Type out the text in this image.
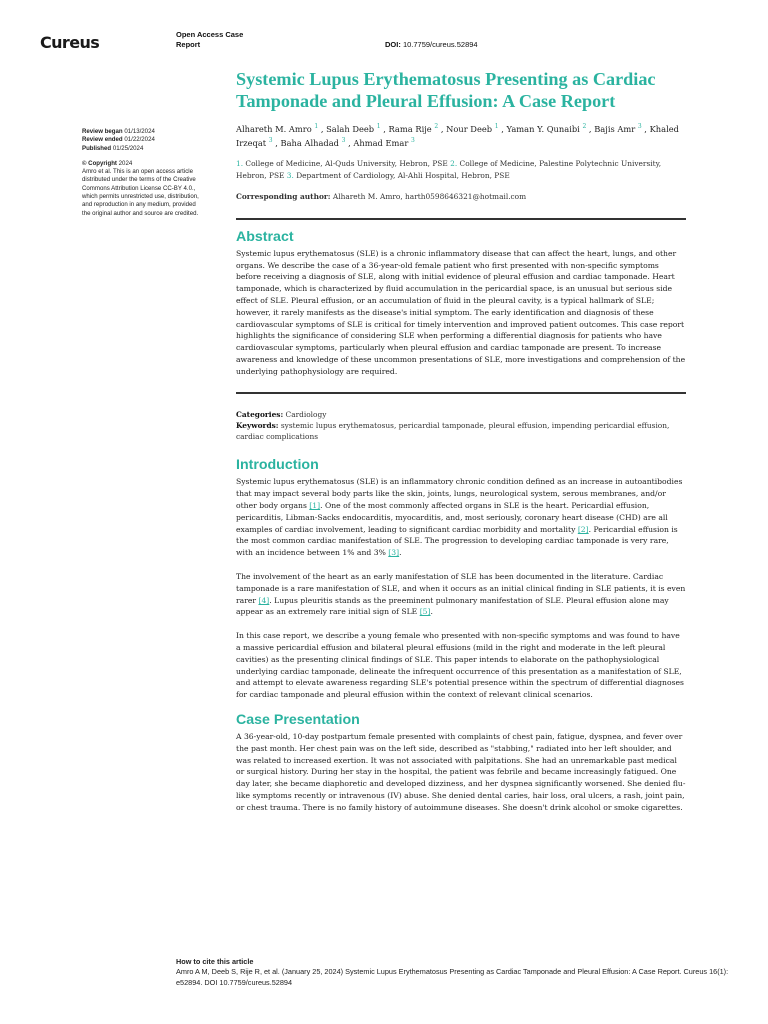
Cureus	Open Access Case
Report	DOI: 10.7759/cureus.52894
Review began 01/13/2024
Review ended 01/22/2024
Published 01/25/2024
© Copyright 2024
Amro et al. This is an open access article
distributed under the terms of the Creative
Commons Attribution License CC-BY 4.0.,
which permits unrestricted use, distribution,
and reproduction in any medium, provided
the original author and source are credited.
Systemic Lupus Erythematosus Presenting as Cardiac Tamponade and Pleural Effusion: A Case Report
Alhareth M. Amro $^1$ , Salah Deeb $^1$ , Rama Rije $^2$ , Nour Deeb $^1$ , Yaman Y. Qunaibi $^2$ , Bajis Amr $^3$ , Khaled Irzeqat $^3$ , Baha Alhadad $^3$ , Ahmad Emar $^3$
1. College of Medicine, Al-Quds University, Hebron, PSE 2. College of Medicine, Palestine Polytechnic University, Hebron, PSE 3. Department of Cardiology, Al-Ahli Hospital, Hebron, PSE
Corresponding author: Alhareth M. Amro, harth0598646321@hotmail.com
Abstract

Systemic lupus erythematosus (SLE) is a chronic inflammatory disease that can affect the heart, lungs, and other organs. We describe the case of a 36-year-old female patient who first presented with non-specific symptoms before receiving a diagnosis of SLE, along with initial evidence of pleural effusion and cardiac tamponade. Heart tamponade, which is characterized by fluid accumulation in the pericardial space, is an unusual but serious side effect of SLE. Pleural effusion, or an accumulation of fluid in the pleural cavity, is a typical hallmark of SLE; however, it rarely manifests as the disease's initial symptom. The early identification and diagnosis of these cardiovascular symptoms of SLE is critical for timely intervention and improved patient outcomes. This case report highlights the significance of considering SLE when performing a differential diagnosis for patients who have cardiovascular symptoms, particularly when pleural effusion and cardiac tamponade are present. To increase awareness and knowledge of these uncommon presentations of SLE, more investigations and comprehension of the underlying pathophysiology are required.

Categories: Cardiology
Keywords: systemic lupus erythematosus, pericardial tamponade, pleural effusion, impending pericardial effusion, cardiac complications
Introduction

Systemic lupus erythematosus (SLE) is an inflammatory chronic condition defined as an increase in autoantibodies that may impact several body parts like the skin, joints, lungs, neurological system, serous membranes, and/or other body organs [1]. One of the most commonly affected organs in SLE is the heart. Pericardial effusion, pericarditis, Libman-Sacks endocarditis, myocarditis, and, most seriously, coronary heart disease (CHD) are all examples of cardiac involvement, leading to significant cardiac morbidity and mortality [2]. Pericardial effusion is the most common cardiac manifestation of SLE. The progression to developing cardiac tamponade is very rare, with an incidence between 1% and 3% [3].

The involvement of the heart as an early manifestation of SLE has been documented in the literature. Cardiac tamponade is a rare manifestation of SLE, and when it occurs as an initial clinical finding in SLE patients, it is even rarer [4]. Lupus pleuritis stands as the preeminent pulmonary manifestation of SLE. Pleural effusion alone may appear as an extremely rare initial sign of SLE [5].

In this case report, we describe a young female who presented with non-specific symptoms and was found to have a massive pericardial effusion and bilateral pleural effusions (mild in the right and moderate in the left pleural cavities) as the presenting clinical findings of SLE. This paper intends to elaborate on the pathophysiological underlying cardiac tamponade, delineate the infrequent occurrence of this presentation as a manifestation of SLE, and attempt to elevate awareness regarding SLE's potential presence within the spectrum of differential diagnoses for cardiac tamponade and pleural effusion within the context of relevant clinical scenarios.

Case Presentation

A 36-year-old, 10-day postpartum female presented with complaints of chest pain, fatigue, dyspnea, and fever over the past month. Her chest pain was on the left side, described as "stabbing," radiated into her left shoulder, and was related to increased exertion. It was not associated with palpitations. She had an unremarkable past medical or surgical history. During her stay in the hospital, the patient was febrile and became increasingly fatigued. One day later, she became diaphoretic and developed dizziness, and her dyspnea significantly worsened. She denied flu-like symptoms recently or intravenous (IV) abuse. She denied dental caries, hair loss, oral ulcers, a rash, joint pain, or chest trauma. There is no family history of autoimmune diseases. She doesn't drink alcohol or smoke cigarettes.

How to cite this article
Amro A M, Deeb S, Rije R, et al. (January 25, 2024) Systemic Lupus Erythematosus Presenting as Cardiac Tamponade and Pleural Effusion: A Case Report. Cureus 16(1): e52894. DOI 10.7759/cureus.52894
